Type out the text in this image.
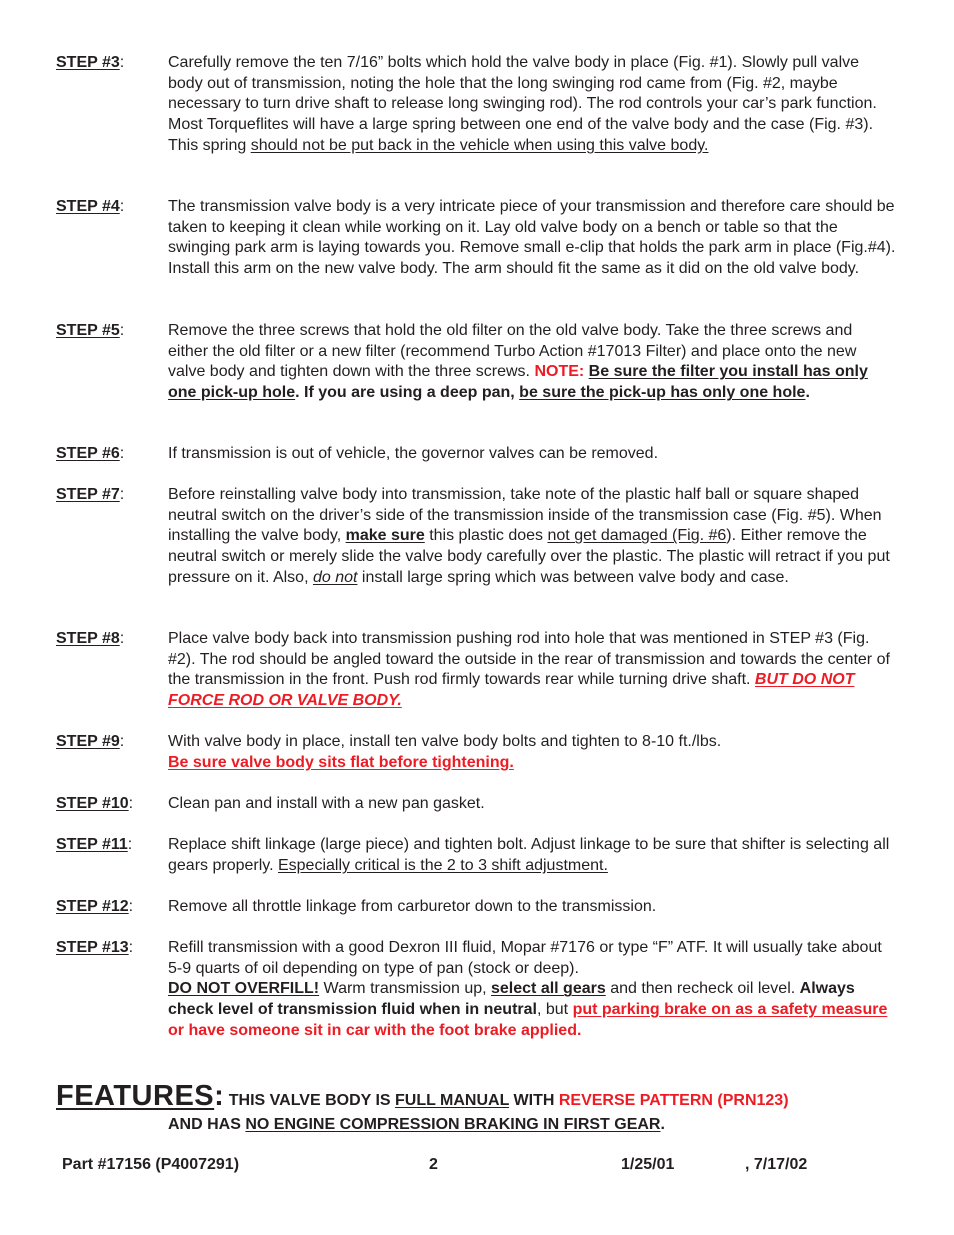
STEP #3:	Carefully remove the ten 7/16” bolts which hold the valve body in place (Fig. #1). Slowly pull valve body out of transmission, noting the hole that the long swinging rod came from (Fig. #2, maybe necessary to turn drive shaft to release long swinging rod). The rod controls your car’s park function. Most Torqueflites will have a large spring between one end of the valve body and the case (Fig. #3). This spring should not be put back in the vehicle when using this valve body.
STEP #4:	The transmission valve body is a very intricate piece of your transmission and therefore care should be taken to keeping it clean while working on it. Lay old valve body on a bench or table so that the swinging park arm is laying towards you. Remove small e-clip that holds the park arm in place (Fig.#4). Install this arm on the new valve body. The arm should fit the same as it did on the old valve body.
STEP #5:	Remove the three screws that hold the old filter on the old valve body. Take the three screws and either the old filter or a new filter (recommend Turbo Action #17013 Filter) and place onto the new valve body and tighten down with the three screws. NOTE: Be sure the filter you install has only one pick-up hole. If you are using a deep pan, be sure the pick-up has only one hole.
STEP #6:	If transmission is out of vehicle, the governor valves can be removed.
STEP #7:	Before reinstalling valve body into transmission, take note of the plastic half ball or square shaped neutral switch on the driver’s side of the transmission inside of the transmission case (Fig. #5). When installing the valve body, make sure this plastic does not get damaged (Fig. #6). Either remove the neutral switch or merely slide the valve body carefully over the plastic. The plastic will retract if you put pressure on it. Also, do not install large spring which was between valve body and case.
STEP #8:	Place valve body back into transmission pushing rod into hole that was mentioned in STEP #3 (Fig. #2). The rod should be angled toward the outside in the rear of transmission and towards the center of the transmission in the front. Push rod firmly towards rear while turning drive shaft. BUT DO NOT FORCE ROD OR VALVE BODY.
STEP #9:	With valve body in place, install ten valve body bolts and tighten to 8-10 ft./lbs.
Be sure valve body sits flat before tightening.
STEP #10: Clean pan and install with a new pan gasket.
STEP #11: Replace shift linkage (large piece) and tighten bolt. Adjust linkage to be sure that shifter is selecting all gears properly. Especially critical is the 2 to 3 shift adjustment.
STEP #12: Remove all throttle linkage from carburetor down to the transmission.
STEP #13: Refill transmission with a good Dexron III fluid, Mopar #7176 or type “F” ATF. It will usually take about 5-9 quarts of oil depending on type of pan (stock or deep).
DO NOT OVERFILL! Warm transmission up, select all gears and then recheck oil level. Always check level of transmission fluid when in neutral, but put parking brake on as a safety measure or have someone sit in car with the foot brake applied.
FEATURES: THIS VALVE BODY IS FULL MANUAL WITH REVERSE PATTERN (PRN123)
AND HAS NO ENGINE COMPRESSION BRAKING IN FIRST GEAR.
Part #17156 (P4007291)	2	1/25/01	, 7/17/02
